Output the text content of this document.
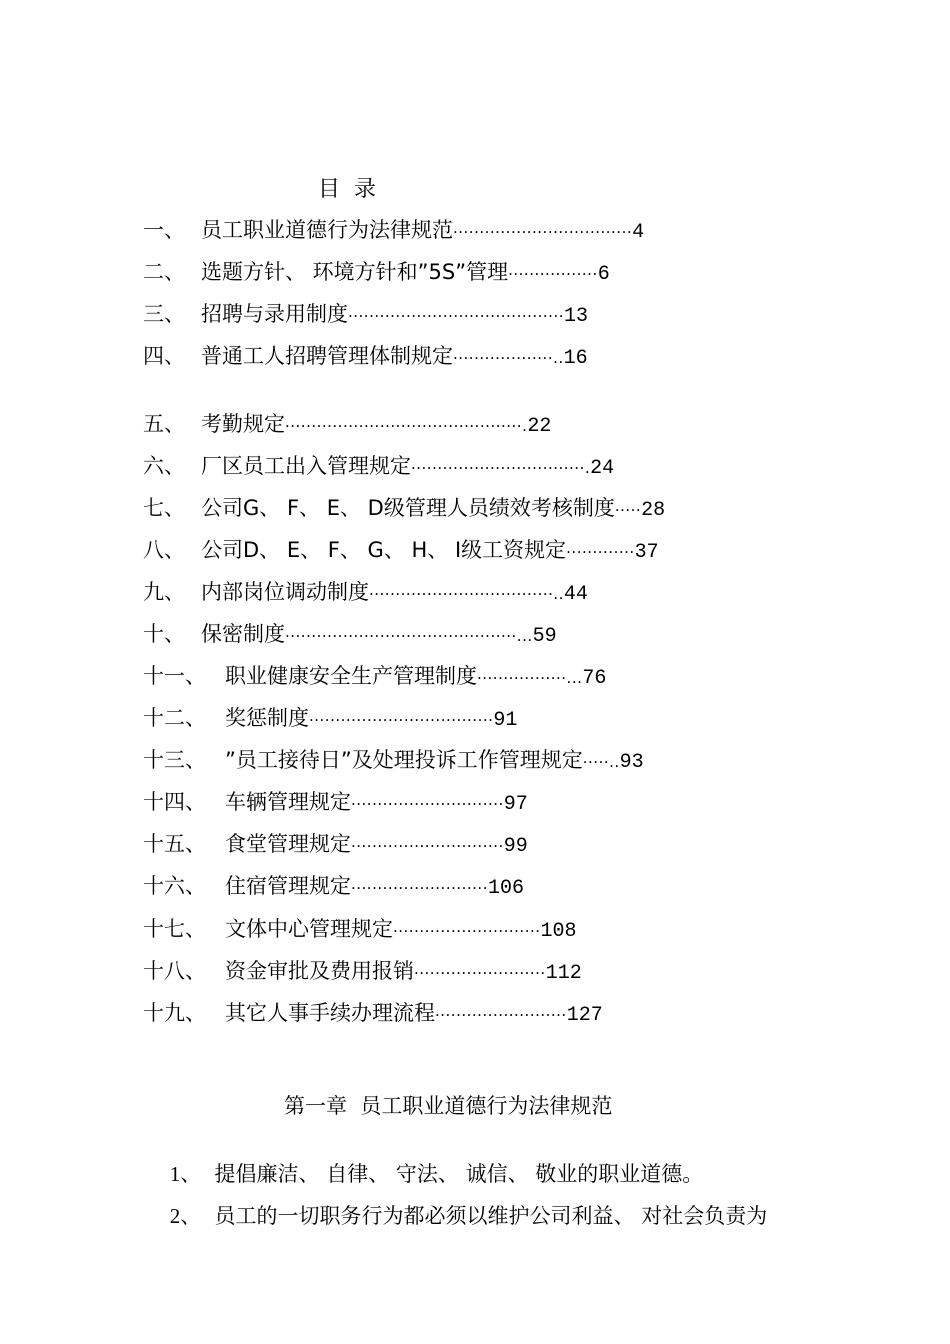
目  录
一、 员工职业道德行为法律规范 ·································· 4
二、 选题方针、 环境方针和”5S”管理 ················· 6
三、 招聘与录用制度 ········································· 13
四、 普通工人招聘管理体制规定 ···················.. 16
五、 考勤规定 ·············································. 22
六、 厂区员工出入管理规定 ·································. 24
七、 公司G、 F、 E、 D级管理人员绩效考核制度 ····· 28
八、 公司D、 E、 F、 G、 H、 I级工资规定 ············· 37
九、 内部岗位调动制度 ···································.. 44
十、 保密制度 ············································... 59
十一、 职业健康安全生产管理制度 ·················... 76
十二、 奖惩制度 ··································· 91
十三、 ”员工接待日”及处理投诉工作管理规定 ·····.. 93
十四、 车辆管理规定 ····························· 97
十五、 食堂管理规定 ····························· 99
十六、 住宿管理规定 ·························· 106
十七、 文体中心管理规定 ···························· 108
十八、 资金审批及费用报销 ························· 112
十九、 其它人事手续办理流程 ························· 127
第一章  员工职业道德行为法律规范

1、  提倡廉洁、 自律、 守法、 诚信、 敬业的职业道德。

2、  员工的一切职务行为都必须以维护公司利益、 对社会负责为
